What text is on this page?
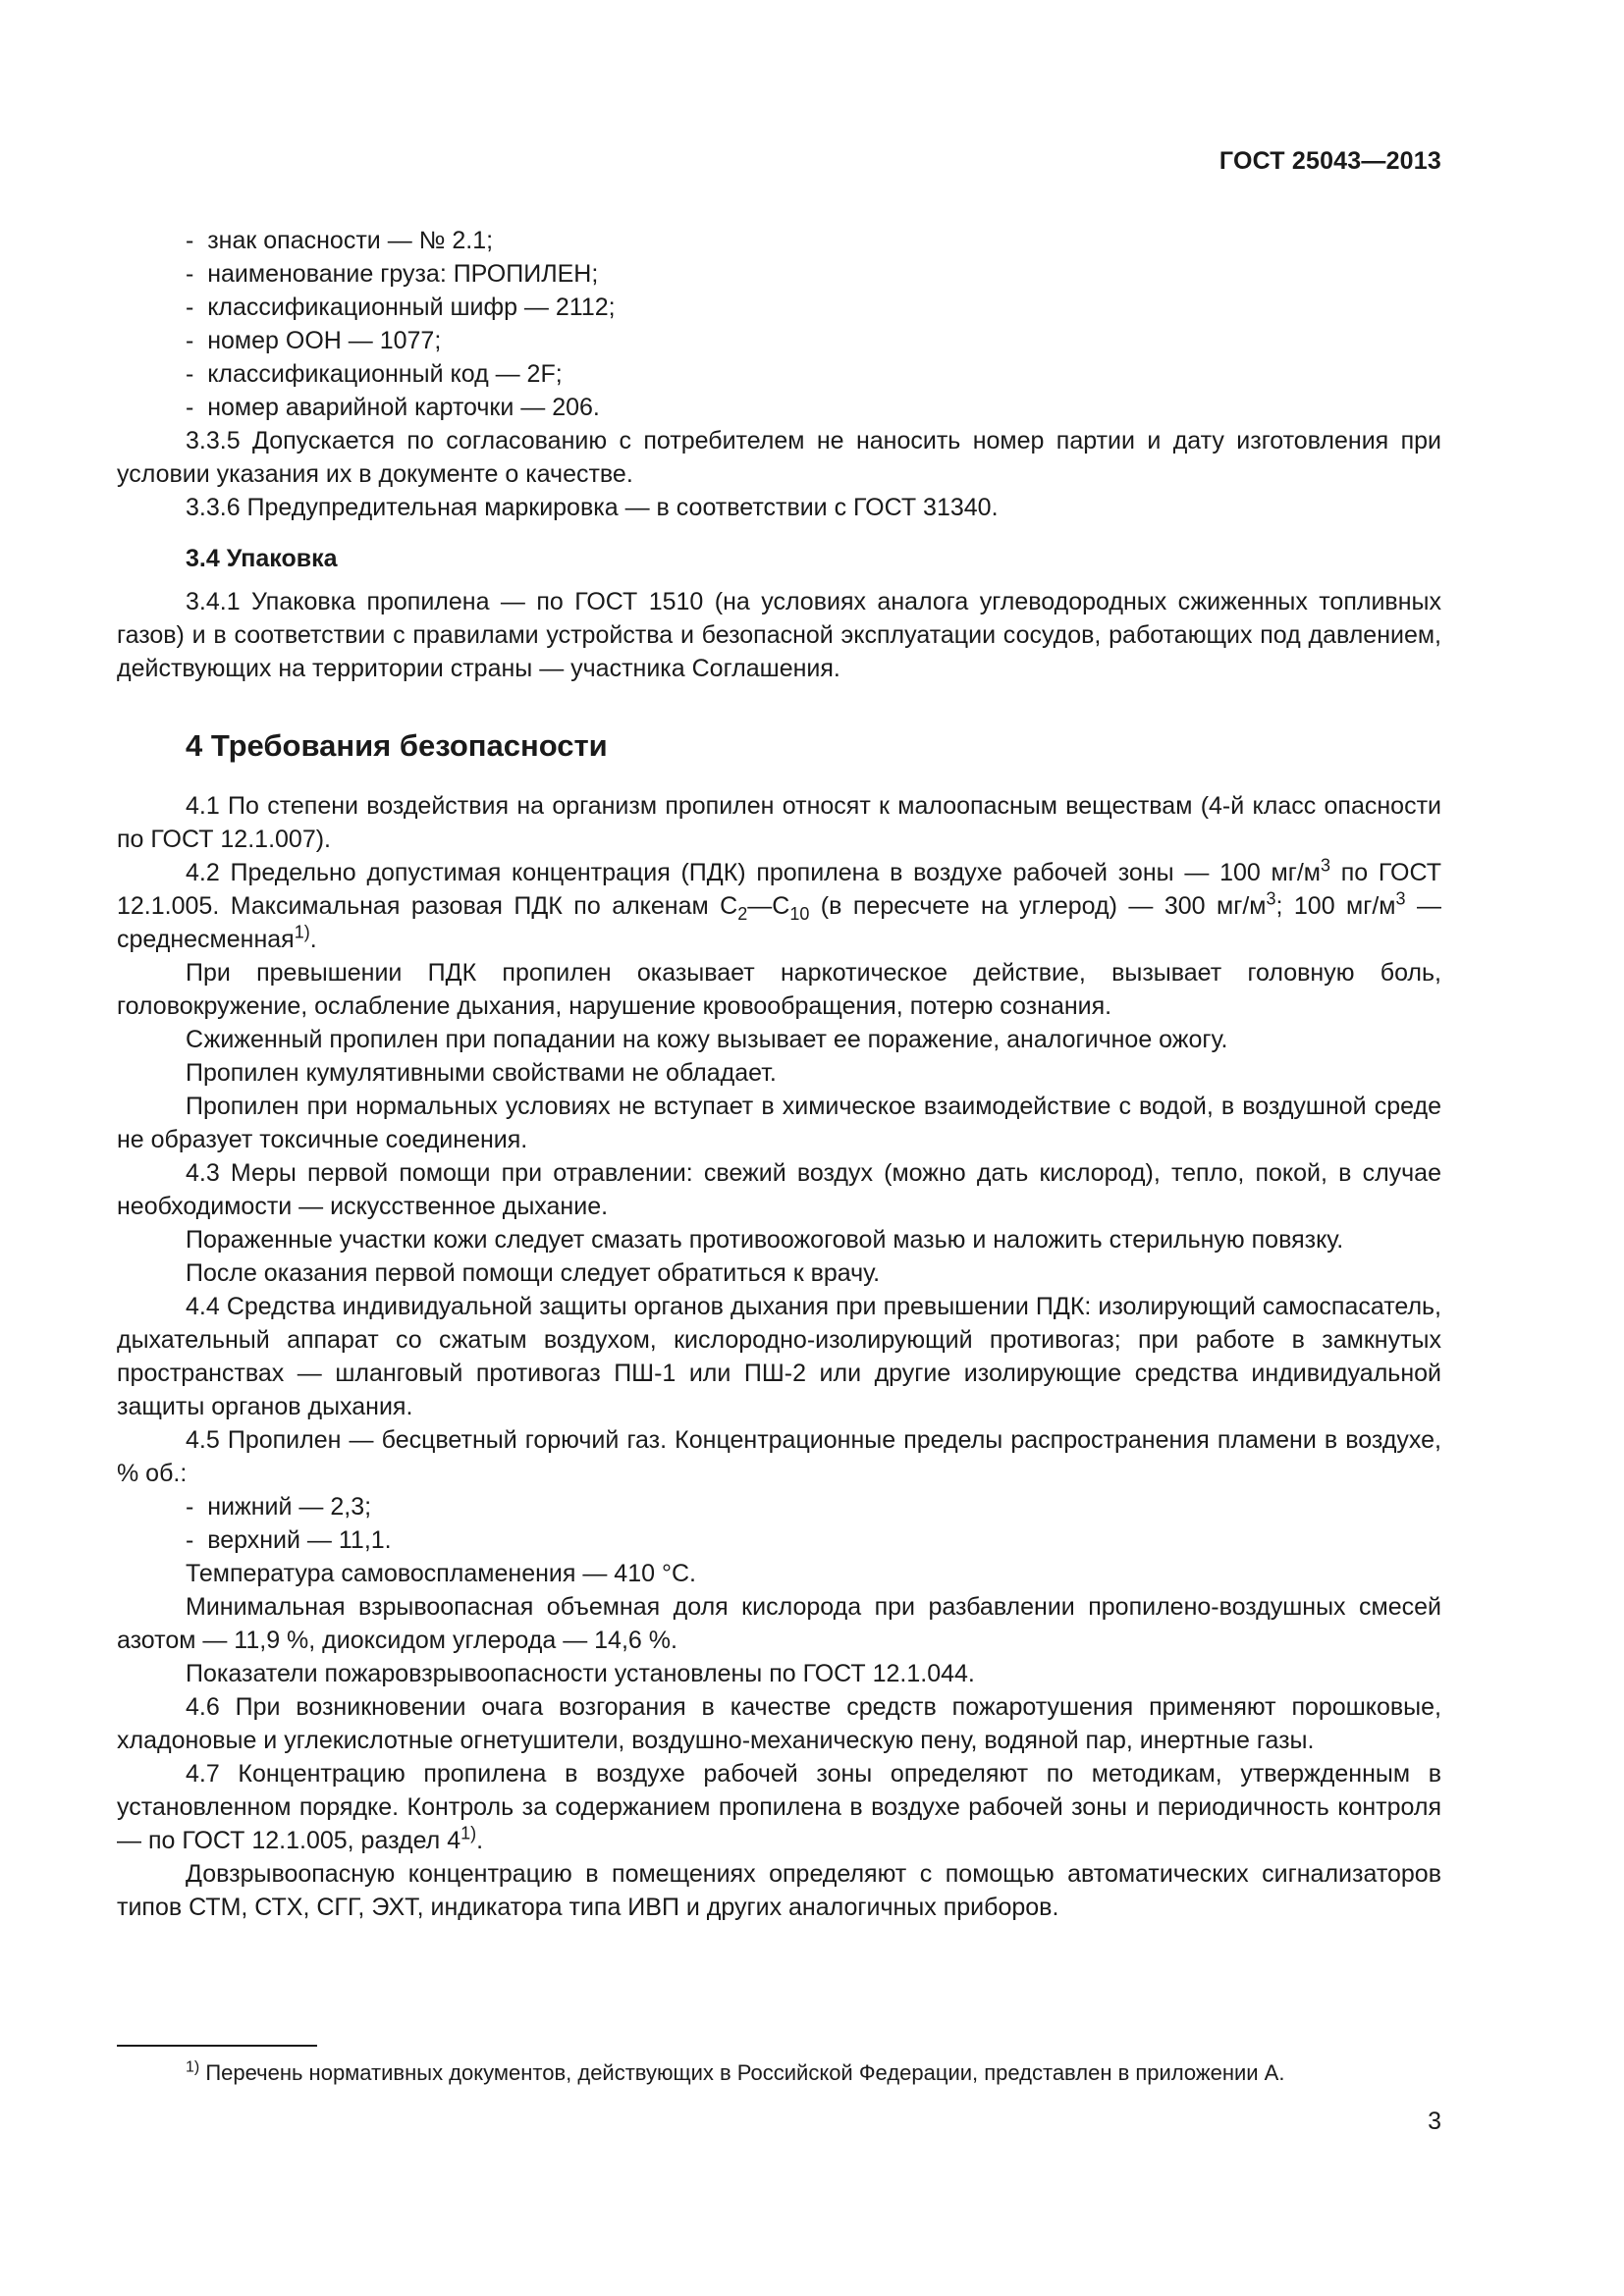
ГОСТ 25043—2013
-  знак опасности — № 2.1;
-  наименование груза: ПРОПИЛЕН;
-  классификационный шифр — 2112;
-  номер ООН — 1077;
-  классификационный код — 2F;
-  номер аварийной карточки — 206.
3.3.5 Допускается по согласованию с потребителем не наносить номер партии и дату изготовления при условии указания их в документе о качестве.
3.3.6 Предупредительная маркировка — в соответствии с ГОСТ 31340.
3.4 Упаковка
3.4.1 Упаковка пропилена — по ГОСТ 1510 (на условиях аналога углеводородных сжиженных топливных газов) и в соответствии с правилами устройства и безопасной эксплуатации сосудов, работающих под давлением, действующих на территории страны — участника Соглашения.
4 Требования безопасности
4.1 По степени воздействия на организм пропилен относят к малоопасным веществам (4-й класс опасности по ГОСТ 12.1.007).
4.2 Предельно допустимая концентрация (ПДК) пропилена в воздухе рабочей зоны — 100 $мг/м^3$ по ГОСТ 12.1.005. Максимальная разовая ПДК по алкенам $С_2—С_{10}$ (в пересчете на углерод) — 300 $мг/м^3$; 100 $мг/м^3$ — среднесменная$^{1)}$.
При превышении ПДК пропилен оказывает наркотическое действие, вызывает головную боль, головокружение, ослабление дыхания, нарушение кровообращения, потерю сознания.
Сжиженный пропилен при попадании на кожу вызывает ее поражение, аналогичное ожогу.
Пропилен кумулятивными свойствами не обладает.
Пропилен при нормальных условиях не вступает в химическое взаимодействие с водой, в воздушной среде не образует токсичные соединения.
4.3 Меры первой помощи при отравлении: свежий воздух (можно дать кислород), тепло, покой, в случае необходимости — искусственное дыхание.
Пораженные участки кожи следует смазать противоожоговой мазью и наложить стерильную повязку.
После оказания первой помощи следует обратиться к врачу.
4.4 Средства индивидуальной защиты органов дыхания при превышении ПДК: изолирующий самоспасатель, дыхательный аппарат со сжатым воздухом, кислородно-изолирующий противогаз; при работе в замкнутых пространствах — шланговый противогаз ПШ-1 или ПШ-2 или другие изолирующие средства индивидуальной защиты органов дыхания.
4.5 Пропилен — бесцветный горючий газ. Концентрационные пределы распространения пламени в воздухе, % об.:
-  нижний — 2,3;
-  верхний — 11,1.
Температура самовоспламенения — 410 °С.
Минимальная взрывоопасная объемная доля кислорода при разбавлении пропилено-воздушных смесей азотом — 11,9 %, диоксидом углерода — 14,6 %.
Показатели пожаровзрывоопасности установлены по ГОСТ 12.1.044.
4.6 При возникновении очага возгорания в качестве средств пожаротушения применяют порошковые, хладоновые и углекислотные огнетушители, воздушно-механическую пену, водяной пар, инертные газы.
4.7 Концентрацию пропилена в воздухе рабочей зоны определяют по методикам, утвержденным в установленном порядке. Контроль за содержанием пропилена в воздухе рабочей зоны и периодичность контроля — по ГОСТ 12.1.005, раздел 4$^{1)}$.
Довзрывоопасную концентрацию в помещениях определяют с помощью автоматических сигнализаторов типов СТМ, СТХ, СГГ, ЭХТ, индикатора типа ИВП и других аналогичных приборов.
$^{1)}$ Перечень нормативных документов, действующих в Российской Федерации, представлен в приложении А.
3
